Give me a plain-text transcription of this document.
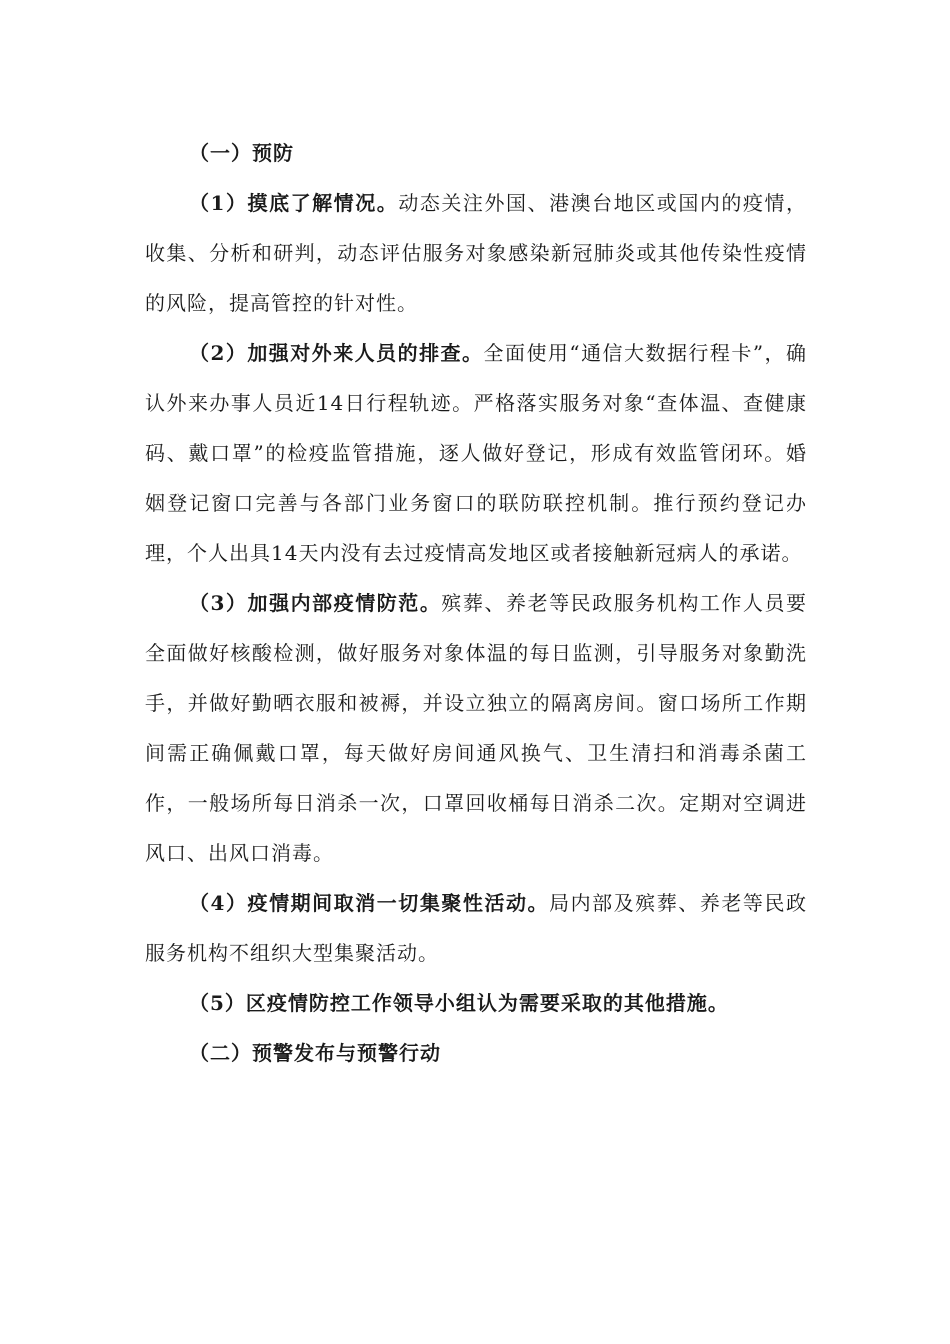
（一）预防

（1）摸底了解情况。动态关注外国、港澳台地区或国内的疫情，收集、分析和研判，动态评估服务对象感染新冠肺炎或其他传染性疫情的风险，提高管控的针对性。

（2）加强对外来人员的排查。全面使用“通信大数据行程卡”，确认外来办事人员近14日行程轨迹。严格落实服务对象“查体温、查健康码、戴口罩”的检疫监管措施，逐人做好登记，形成有效监管闭环。婚姻登记窗口完善与各部门业务窗口的联防联控机制。推行预约登记办理，个人出具14天内没有去过疫情高发地区或者接触新冠病人的承诺。

（3）加强内部疫情防范。殡葬、养老等民政服务机构工作人员要全面做好核酸检测，做好服务对象体温的每日监测，引导服务对象勤洗手，并做好勤晒衣服和被褥，并设立独立的隔离房间。窗口场所工作期间需正确佩戴口罩，每天做好房间通风换气、卫生清扫和消毒杀菌工作，一般场所每日消杀一次，口罩回收桶每日消杀二次。定期对空调进风口、出风口消毒。

（4）疫情期间取消一切集聚性活动。局内部及殡葬、养老等民政服务机构不组织大型集聚活动。

（5）区疫情防控工作领导小组认为需要采取的其他措施。

（二）预警发布与预警行动
